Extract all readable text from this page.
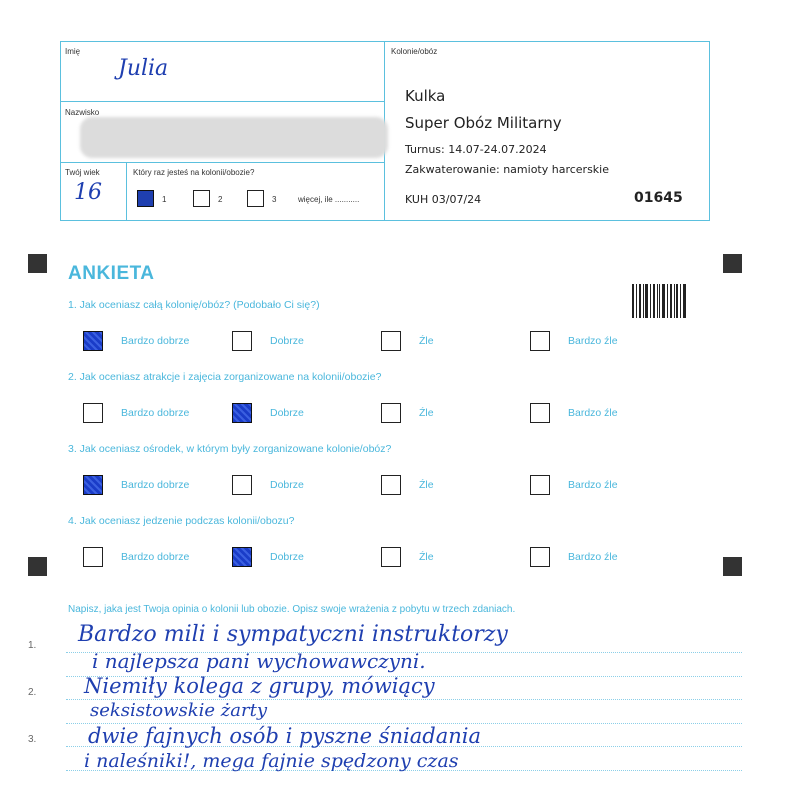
Imię
Julia
Nazwisko
Twój wiek
16
Który raz jesteś na kolonii/obozie?
1	2	3	więcej, ile ...........
Kolonie/obóz
Kulka
Super Obóz Militarny
Turnus: 14.07-24.07.2024
Zakwaterowanie: namioty harcerskie
KUH 03/07/24	01645
ANKIETA
1. Jak oceniasz całą kolonię/obóz? (Podobało Ci się?)
Bardzo dobrze	Dobrze	Źle	Bardzo źle
2. Jak oceniasz atrakcje i zajęcia zorganizowane na kolonii/obozie?
Bardzo dobrze	Dobrze	Źle	Bardzo źle
3. Jak oceniasz ośrodek, w którym były zorganizowane kolonie/obóz?
Bardzo dobrze	Dobrze	Źle	Bardzo źle
4. Jak oceniasz jedzenie podczas kolonii/obozu?
Bardzo dobrze	Dobrze	Źle	Bardzo źle
Napisz, jaka jest Twoja opinia o kolonii lub obozie. Opisz swoje wrażenia z pobytu w trzech zdaniach.
1.
2.
3.
Bardzo mili i sympatyczni instruktorzy
i najlepsza pani wychowawczyni.
Niemiły kolega z grupy, mówiący
seksistowskie żarty
dwie fajnych osób i pyszne śniadania
i naleśniki!, mega fajnie spędzony czas
